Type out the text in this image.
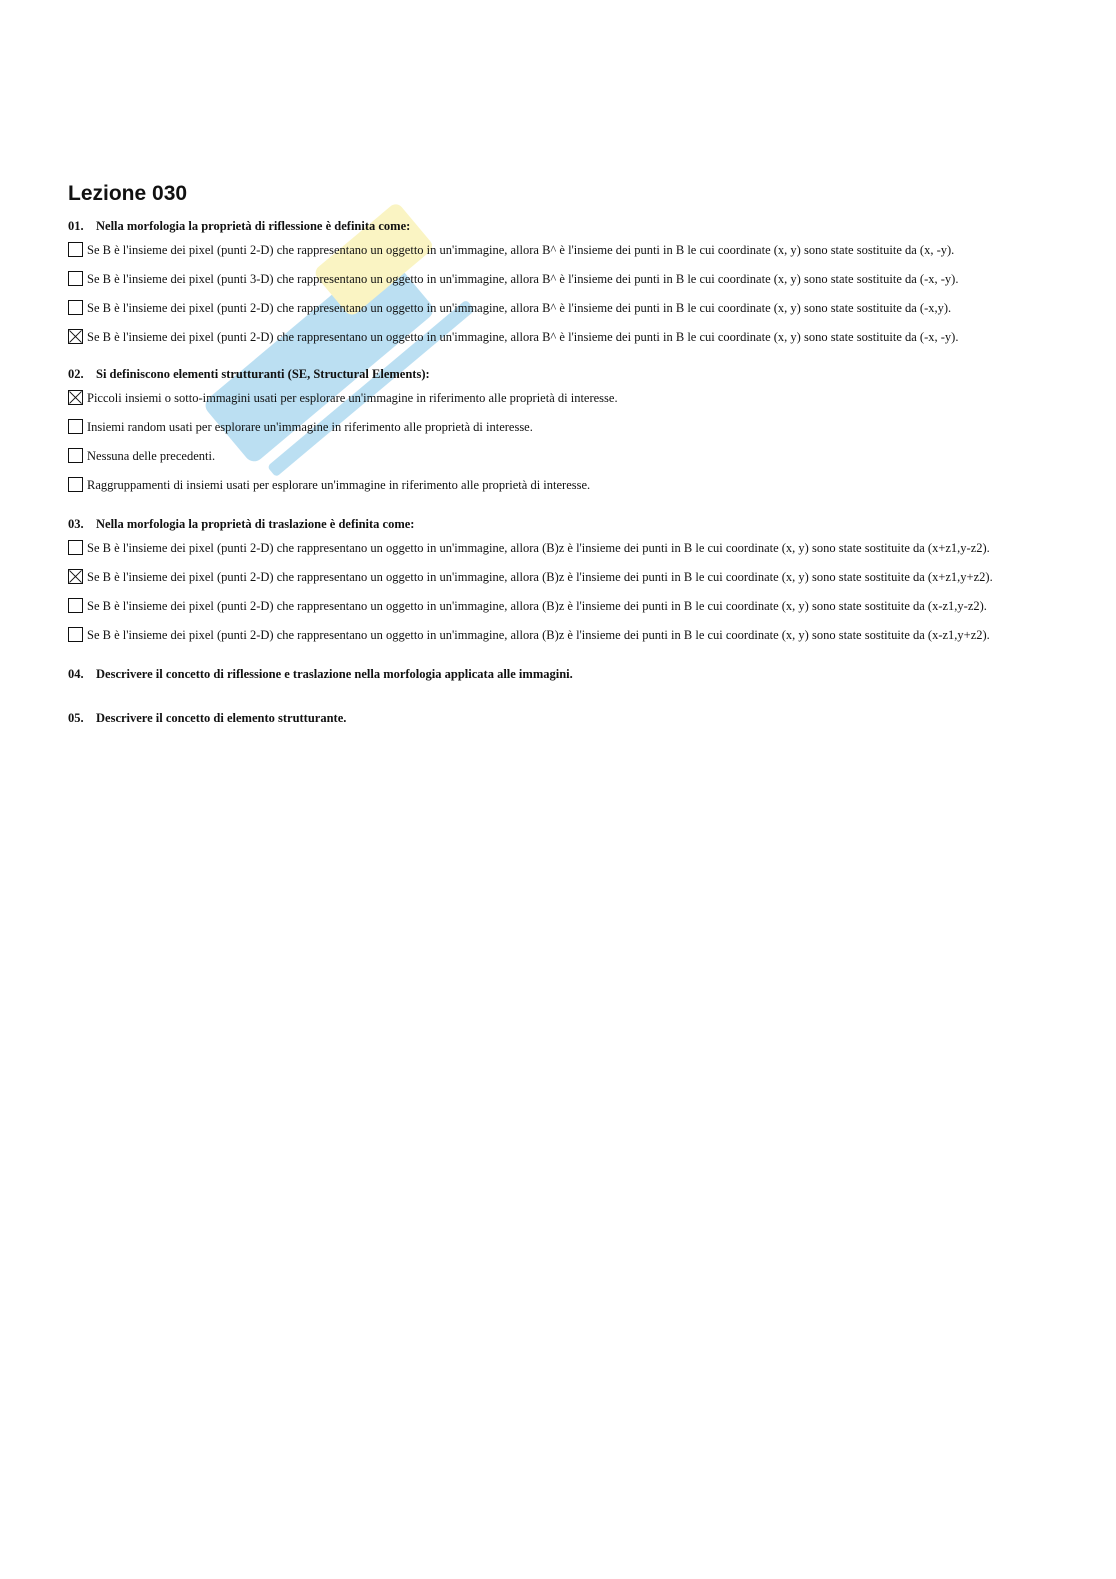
Lezione 030
01. Nella morfologia la proprietà di riflessione è definita come:
Se B è l'insieme dei pixel (punti 2-D) che rappresentano un oggetto in un'immagine, allora B^ è l'insieme dei punti in B le cui coordinate (x, y) sono state sostituite da (x, -y).
Se B è l'insieme dei pixel (punti 3-D) che rappresentano un oggetto in un'immagine, allora B^ è l'insieme dei punti in B le cui coordinate (x, y) sono state sostituite da (-x, -y).
Se B è l'insieme dei pixel (punti 2-D) che rappresentano un oggetto in un'immagine, allora B^ è l'insieme dei punti in B le cui coordinate (x, y) sono state sostituite da (-x,y).
Se B è l'insieme dei pixel (punti 2-D) che rappresentano un oggetto in un'immagine, allora B^ è l'insieme dei punti in B le cui coordinate (x, y) sono state sostituite da (-x, -y).
02. Si definiscono elementi strutturanti (SE, Structural Elements):
Piccoli insiemi o sotto-immagini usati per esplorare un'immagine in riferimento alle proprietà di interesse.
Insiemi random usati per esplorare un'immagine in riferimento alle proprietà di interesse.
Nessuna delle precedenti.
Raggruppamenti di insiemi usati per esplorare un'immagine in riferimento alle proprietà di interesse.
03. Nella morfologia la proprietà di traslazione è definita come:
Se B è l'insieme dei pixel (punti 2-D) che rappresentano un oggetto in un'immagine, allora (B)z è l'insieme dei punti in B le cui coordinate (x, y) sono state sostituite da (x+z1,y-z2).
Se B è l'insieme dei pixel (punti 2-D) che rappresentano un oggetto in un'immagine, allora (B)z è l'insieme dei punti in B le cui coordinate (x, y) sono state sostituite da (x+z1,y+z2).
Se B è l'insieme dei pixel (punti 2-D) che rappresentano un oggetto in un'immagine, allora (B)z è l'insieme dei punti in B le cui coordinate (x, y) sono state sostituite da (x-z1,y-z2).
Se B è l'insieme dei pixel (punti 2-D) che rappresentano un oggetto in un'immagine, allora (B)z è l'insieme dei punti in B le cui coordinate (x, y) sono state sostituite da (x-z1,y+z2).
04. Descrivere il concetto di riflessione e traslazione nella morfologia applicata alle immagini.
05. Descrivere il concetto di elemento strutturante.
